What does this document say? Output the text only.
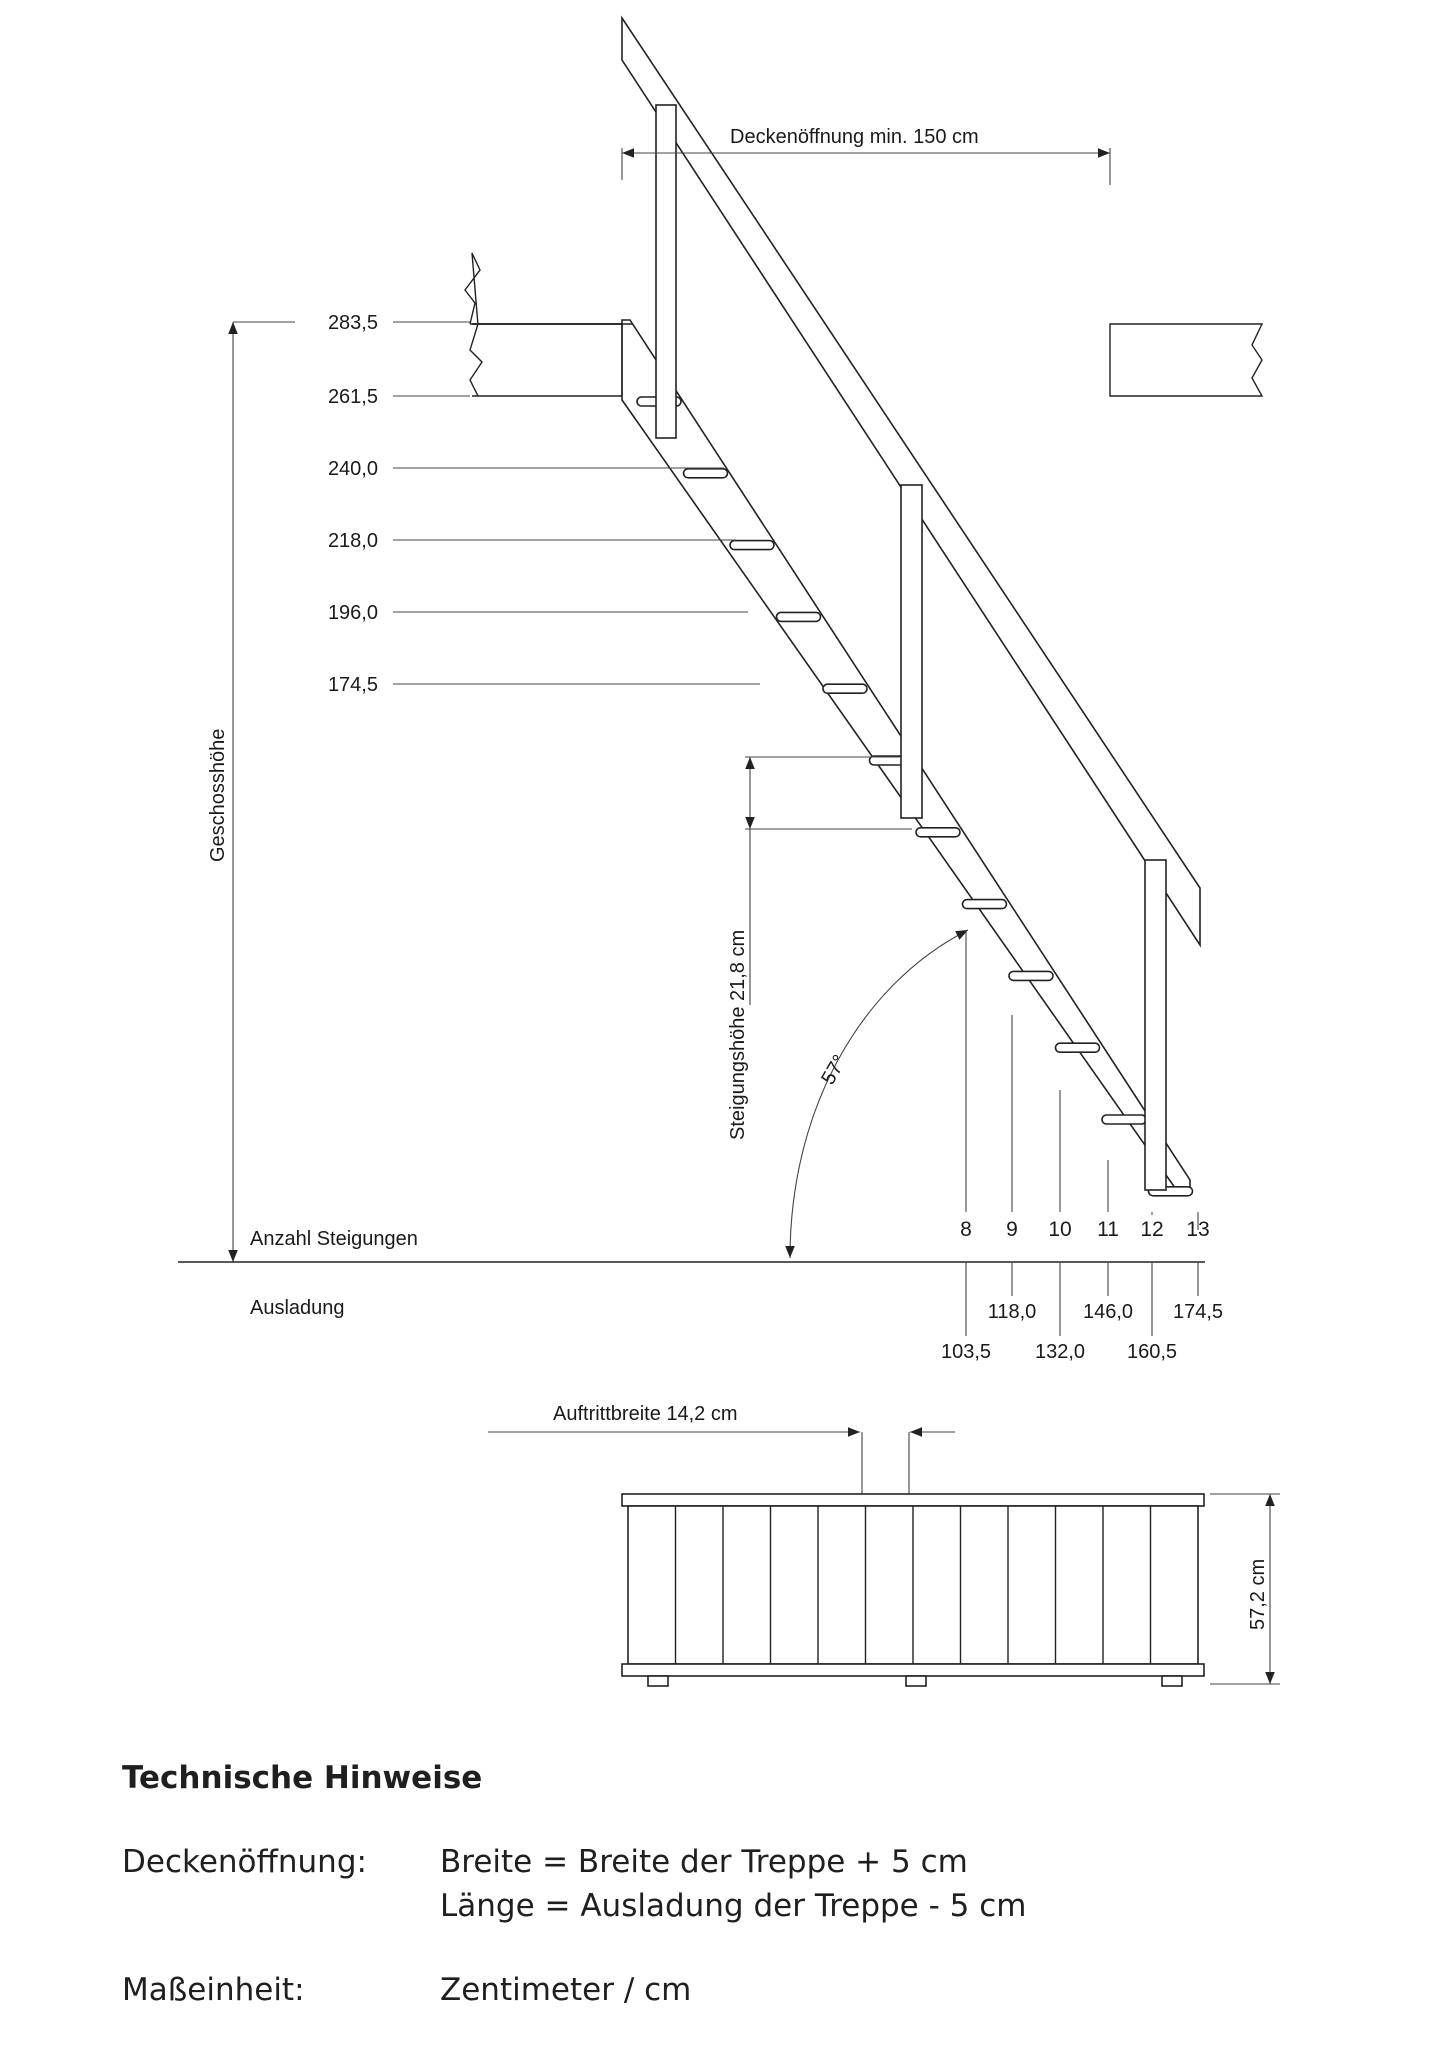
Deckenöffnung min. 150 cm
283,5
261,5
240,0
218,0
196,0
174,5
Geschosshöhe
Steigungshöhe 21,8 cm	57°
Anzahl Steigungen
Ausladung
8 9 10 11 12 13
118,0 146,0 174,5
103,5 132,0 160,5
Auftrittbreite 14,2 cm
57,2 cm
Technische Hinweise
Deckenöffnung:	Breite = Breite der Treppe + 5 cm
Länge = Ausladung der Treppe - 5 cm
Maßeinheit:	Zentimeter / cm
